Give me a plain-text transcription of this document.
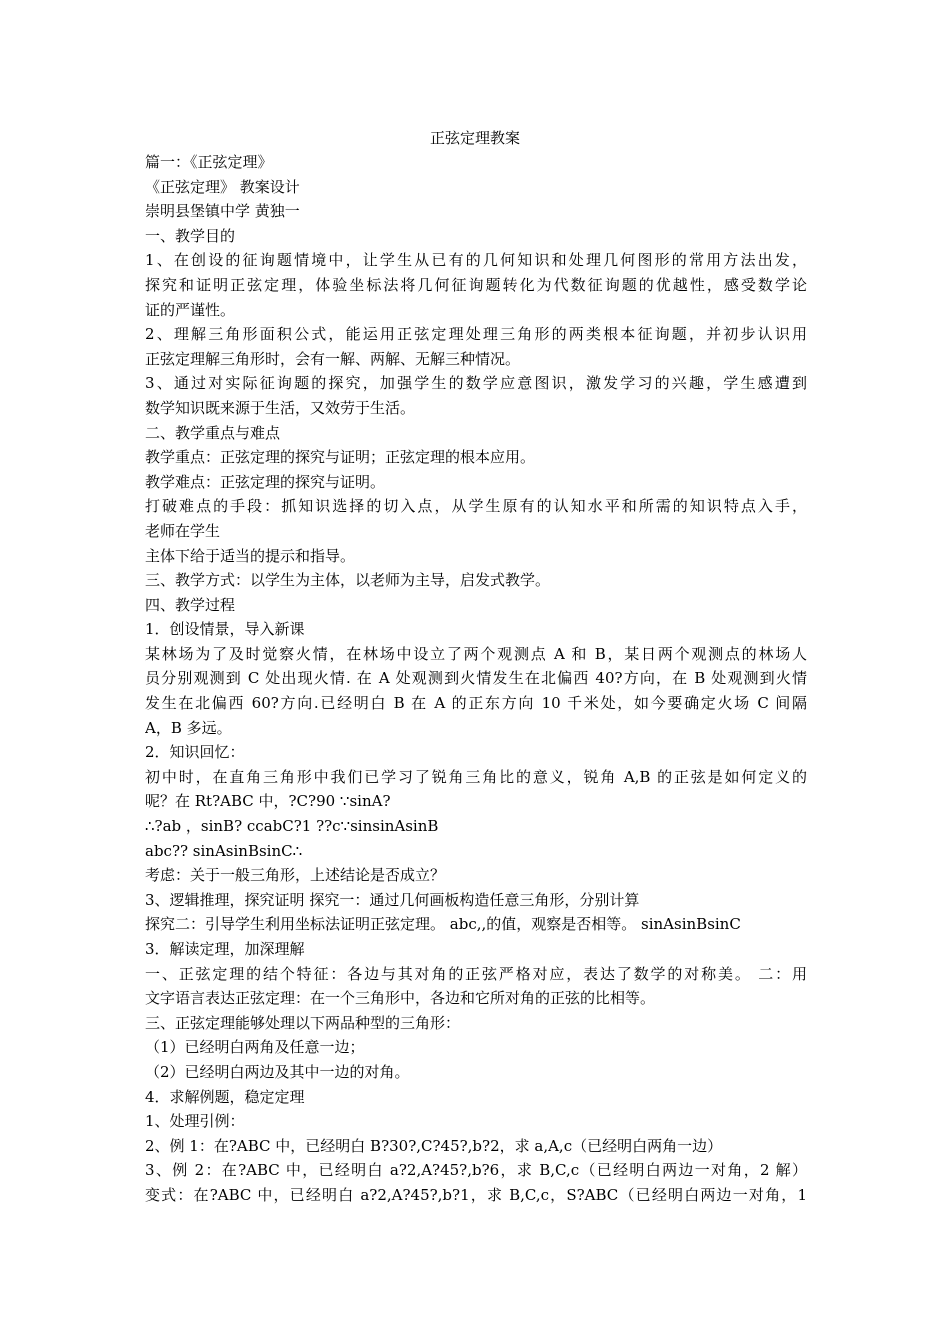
正弦定理教案
篇一：《正弦定理》
《正弦定理》 教案设计
崇明县堡镇中学 黄独一
一、教学目的
1、在创设的征询题情境中，让学生从已有的几何知识和处理几何图形的常用方法出发，
探究和证明正弦定理，体验坐标法将几何征询题转化为代数征询题的优越性，感受数学论
证的严谨性。
2、理解三角形面积公式，能运用正弦定理处理三角形的两类根本征询题，并初步认识用
正弦定理解三角形时，会有一解、两解、无解三种情况。
3、通过对实际征询题的探究，加强学生的数学应意图识，激发学习的兴趣，学生感遭到
数学知识既来源于生活，又效劳于生活。
二、教学重点与难点
教学重点：正弦定理的探究与证明；正弦定理的根本应用。
教学难点：正弦定理的探究与证明。
打破难点的手段：抓知识选择的切入点，从学生原有的认知水平和所需的知识特点入手，
老师在学生
主体下给于适当的提示和指导。
三、教学方式：以学生为主体，以老师为主导，启发式教学。
四、教学过程
1．创设情景，导入新课
某林场为了及时觉察火情，在林场中设立了两个观测点 A 和 B，某日两个观测点的林场人
员分别观测到 C 处出现火情. 在 A 处观测到火情发生在北偏西 40?方向，在 B 处观测到火情
发生在北偏西 60?方向.已经明白 B 在 A 的正东方向 10 千米处，如今要确定火场 C 间隔
A，B 多远。
2．知识回忆：
初中时，在直角三角形中我们已学习了锐角三角比的意义，锐角 A,B 的正弦是如何定义的
呢？在 Rt?ABC 中，?C?90 ∵sinA?
∴?ab ，sinB? ccabC?1 ??c∵sinsinAsinB
abc?? sinAsinBsinC∴
考虑：关于一般三角形，上述结论是否成立？
3、逻辑推理，探究证明 探究一：通过几何画板构造任意三角形，分别计算
探究二：引导学生利用坐标法证明正弦定理。 abc,,的值，观察是否相等。 sinAsinBsinC
3．解读定理，加深理解
一、正弦定理的结个特征：各边与其对角的正弦严格对应，表达了数学的对称美。 二：用
文字语言表达正弦定理：在一个三角形中，各边和它所对角的正弦的比相等。
三、正弦定理能够处理以下两品种型的三角形：
（1）已经明白两角及任意一边；
（2）已经明白两边及其中一边的对角。
4．求解例题，稳定定理
1、处理引例：
2、例 1：在?ABC 中，已经明白 B?30?,C?45?,b?2，求 a,A,c（已经明白两角一边）
3、例 2：在?ABC 中，已经明白 a?2,A?45?,b?6，求 B,C,c（已经明白两边一对角，2 解）
变式：在?ABC 中，已经明白 a?2,A?45?,b?1，求 B,C,c，S?ABC（已经明白两边一对角，1
